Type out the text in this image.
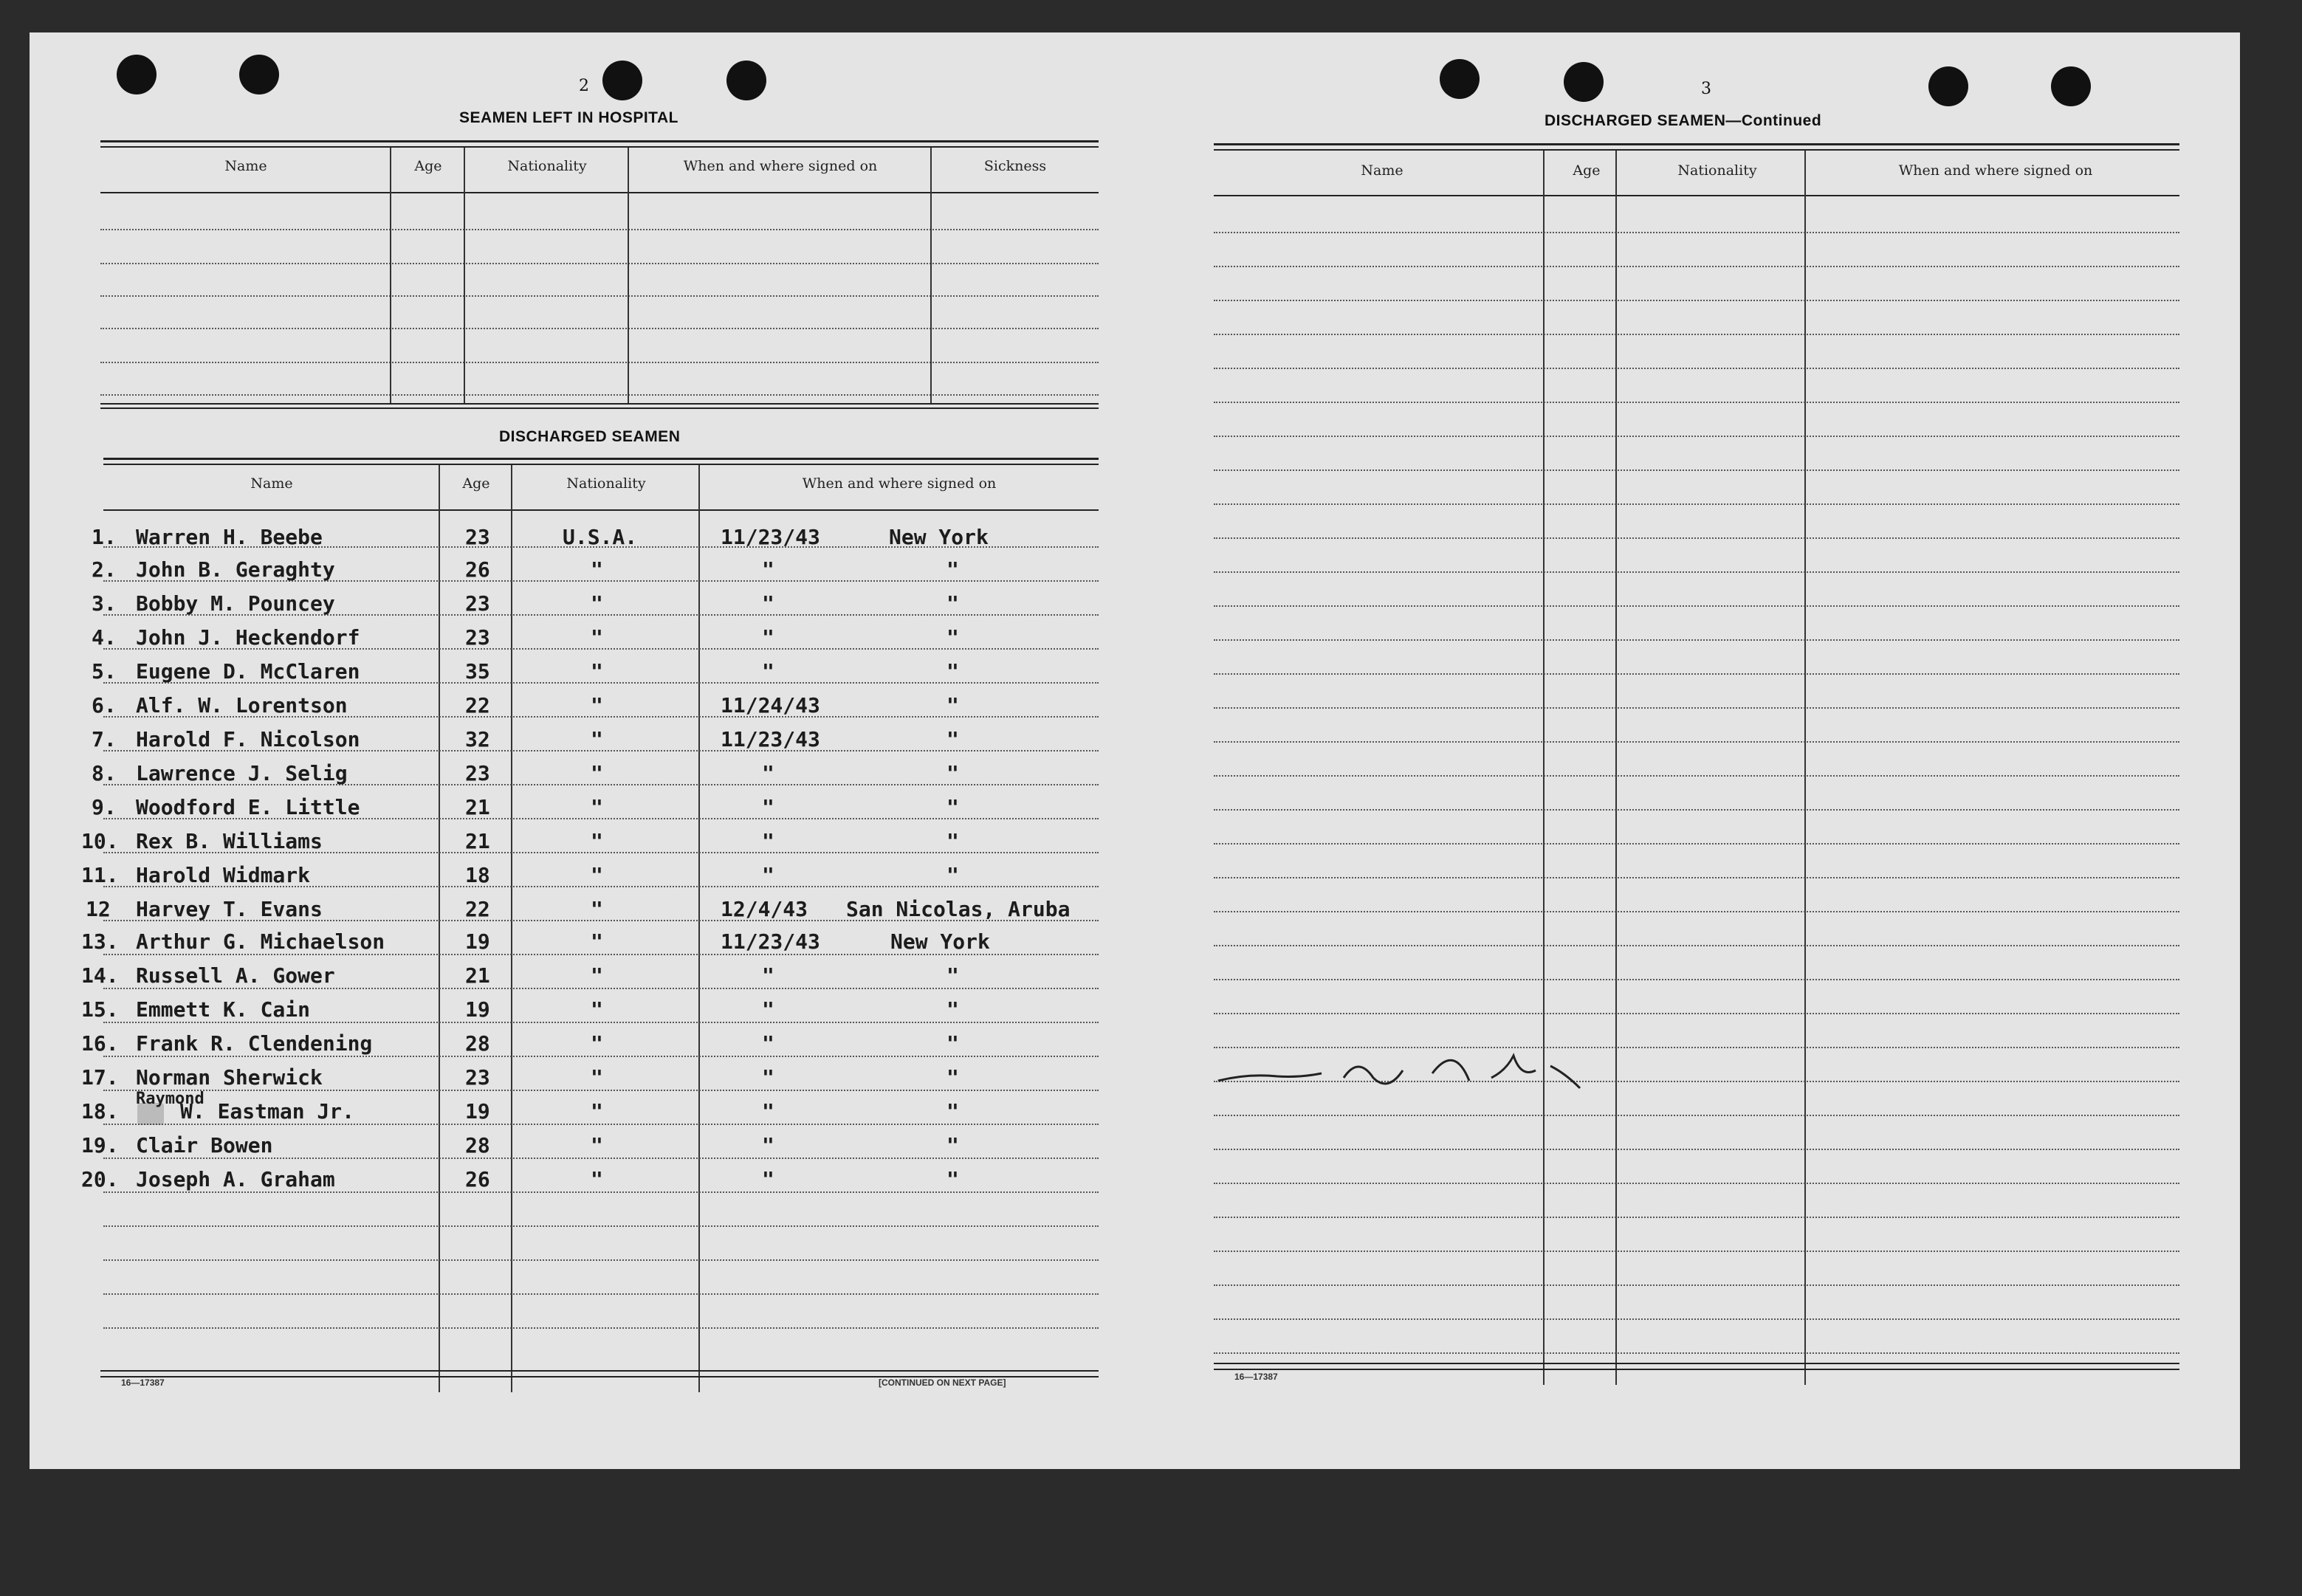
2
SEAMEN LEFT IN HOSPITAL
Name	Age	Nationality	When and where signed on	Sickness
DISCHARGED SEAMEN
Name	Age	Nationality	When and where signed on
1. Warren H. Beebe	23	U.S.A.	11/23/43	New York
2. John B. Geraghty	26	"	"	"
3. Bobby M. Pouncey	23	"	"	"
4. John J. Heckendorf	23	"	"	"
5. Eugene D. McClaren	35	"	"	"
6. Alf. W. Lorentson	22	"	11/24/43	"
7. Harold F. Nicolson	32	"	11/23/43	"
8. Lawrence J. Selig	23	"	"	"
9. Woodford E. Little	21	"	"	"
10. Rex B. Williams	21	"	"	"
11. Harold Widmark	18	"	"	"
12 Harvey T. Evans	22	"	12/4/43 San Nicolas, Aruba
13. Arthur G. Michaelson	19	"	11/23/43	New York
14. Russell A. Gower	21	"	"	"
15. Emmett K. Cain	19	"	"	"
16. Frank R. Clendening	28	"	"	"
17. Norman Sherwick	23	"	"	"
Raymond
18.	W. Eastman Jr.	19	"	"	"
19. Clair Bowen	28	"	"	"
20. Joseph A. Graham	26	"	"	"
16—17387	[CONTINUED ON NEXT PAGE]
3
DISCHARGED SEAMEN—Continued
Name	Age	Nationality	When and where signed on
16—17387
